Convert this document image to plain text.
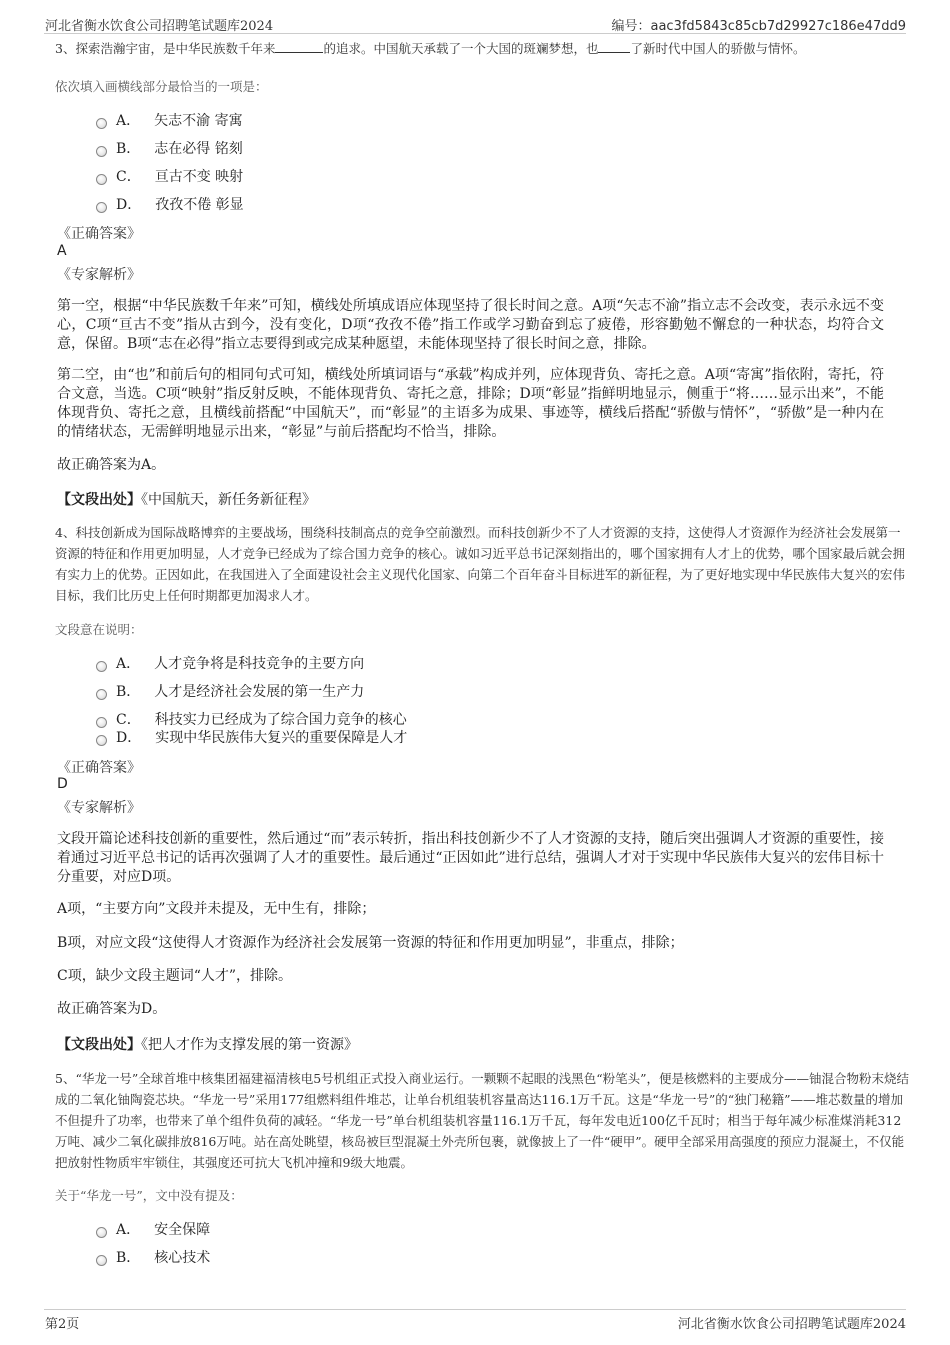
河北省衡水饮食公司招聘笔试题库2024	编号：aac3fd5843c85cb7d29927c186e47dd9
3、探索浩瀚宇宙，是中华民族数千年来	的追求。中国航天承载了一个大国的斑斓梦想，也	了新时代中国人的骄傲与情怀。
依次填入画横线部分最恰当的一项是：
A． 矢志不渝 寄寓
B． 志在必得 铭刻
C． 亘古不变 映射
D． 孜孜不倦 彰显
《正确答案》
A
《专家解析》
第一空，根据“中华民族数千年来”可知，横线处所填成语应体现坚持了很长时间之意。A项“矢志不渝”指立志不会改变，表示永远不变心，C项“亘古不变”指从古到今，没有变化，D项“孜孜不倦”指工作或学习勤奋到忘了疲倦，形容勤勉不懈怠的一种状态，均符合文意，保留。B项“志在必得”指立志要得到或完成某种愿望，未能体现坚持了很长时间之意，排除。
第二空，由“也”和前后句的相同句式可知，横线处所填词语与“承载”构成并列，应体现背负、寄托之意。A项“寄寓”指依附，寄托，符合文意，当选。C项“映射”指反射反映，不能体现背负、寄托之意，排除；D项“彰显”指鲜明地显示，侧重于“将……显示出来”，不能体现背负、寄托之意，且横线前搭配“中国航天”，而“彰显”的主语多为成果、事迹等，横线后搭配“骄傲与情怀”，“骄傲”是一种内在的情绪状态，无需鲜明地显示出来，“彰显”与前后搭配均不恰当，排除。
故正确答案为A。
【文段出处】《中国航天，新任务新征程》
4、科技创新成为国际战略博弈的主要战场，围绕科技制高点的竞争空前激烈。而科技创新少不了人才资源的支持，这使得人才资源作为经济社会发展第一资源的特征和作用更加明显，人才竞争已经成为了综合国力竞争的核心。诚如习近平总书记深刻指出的，哪个国家拥有人才上的优势，哪个国家最后就会拥有实力上的优势。正因如此，在我国进入了全面建设社会主义现代化国家、向第二个百年奋斗目标进军的新征程，为了更好地实现中华民族伟大复兴的宏伟目标，我们比历史上任何时期都更加渴求人才。
文段意在说明：
A． 人才竞争将是科技竞争的主要方向
B． 人才是经济社会发展的第一生产力
C． 科技实力已经成为了综合国力竞争的核心
D． 实现中华民族伟大复兴的重要保障是人才
《正确答案》
D
《专家解析》
文段开篇论述科技创新的重要性，然后通过“而”表示转折，指出科技创新少不了人才资源的支持，随后突出强调人才资源的重要性，接着通过习近平总书记的话再次强调了人才的重要性。最后通过“正因如此”进行总结，强调人才对于实现中华民族伟大复兴的宏伟目标十分重要，对应D项。
A项，“主要方向”文段并未提及，无中生有，排除；
B项，对应文段“这使得人才资源作为经济社会发展第一资源的特征和作用更加明显”，非重点，排除；
C项，缺少文段主题词“人才”，排除。
故正确答案为D。
【文段出处】《把人才作为支撑发展的第一资源》
5、“华龙一号”全球首堆中核集团福建福清核电5号机组正式投入商业运行。一颗颗不起眼的浅黑色“粉笔头”，便是核燃料的主要成分——铀混合物粉末烧结成的二氧化铀陶瓷芯块。“华龙一号”采用177组燃料组件堆芯，让单台机组装机容量高达116.1万千瓦。这是“华龙一号”的“独门秘籍”——堆芯数量的增加不但提升了功率，也带来了单个组件负荷的减轻。“华龙一号”单台机组装机容量116.1万千瓦，每年发电近100亿千瓦时；相当于每年减少标准煤消耗312万吨、减少二氧化碳排放816万吨。站在高处眺望，核岛被巨型混凝土外壳所包裹，就像披上了一件“硬甲”。硬甲全部采用高强度的预应力混凝土，不仅能把放射性物质牢牢锁住，其强度还可抗大飞机冲撞和9级大地震。
关于“华龙一号”，文中没有提及：
A． 安全保障
B． 核心技术
第2页	河北省衡水饮食公司招聘笔试题库2024
